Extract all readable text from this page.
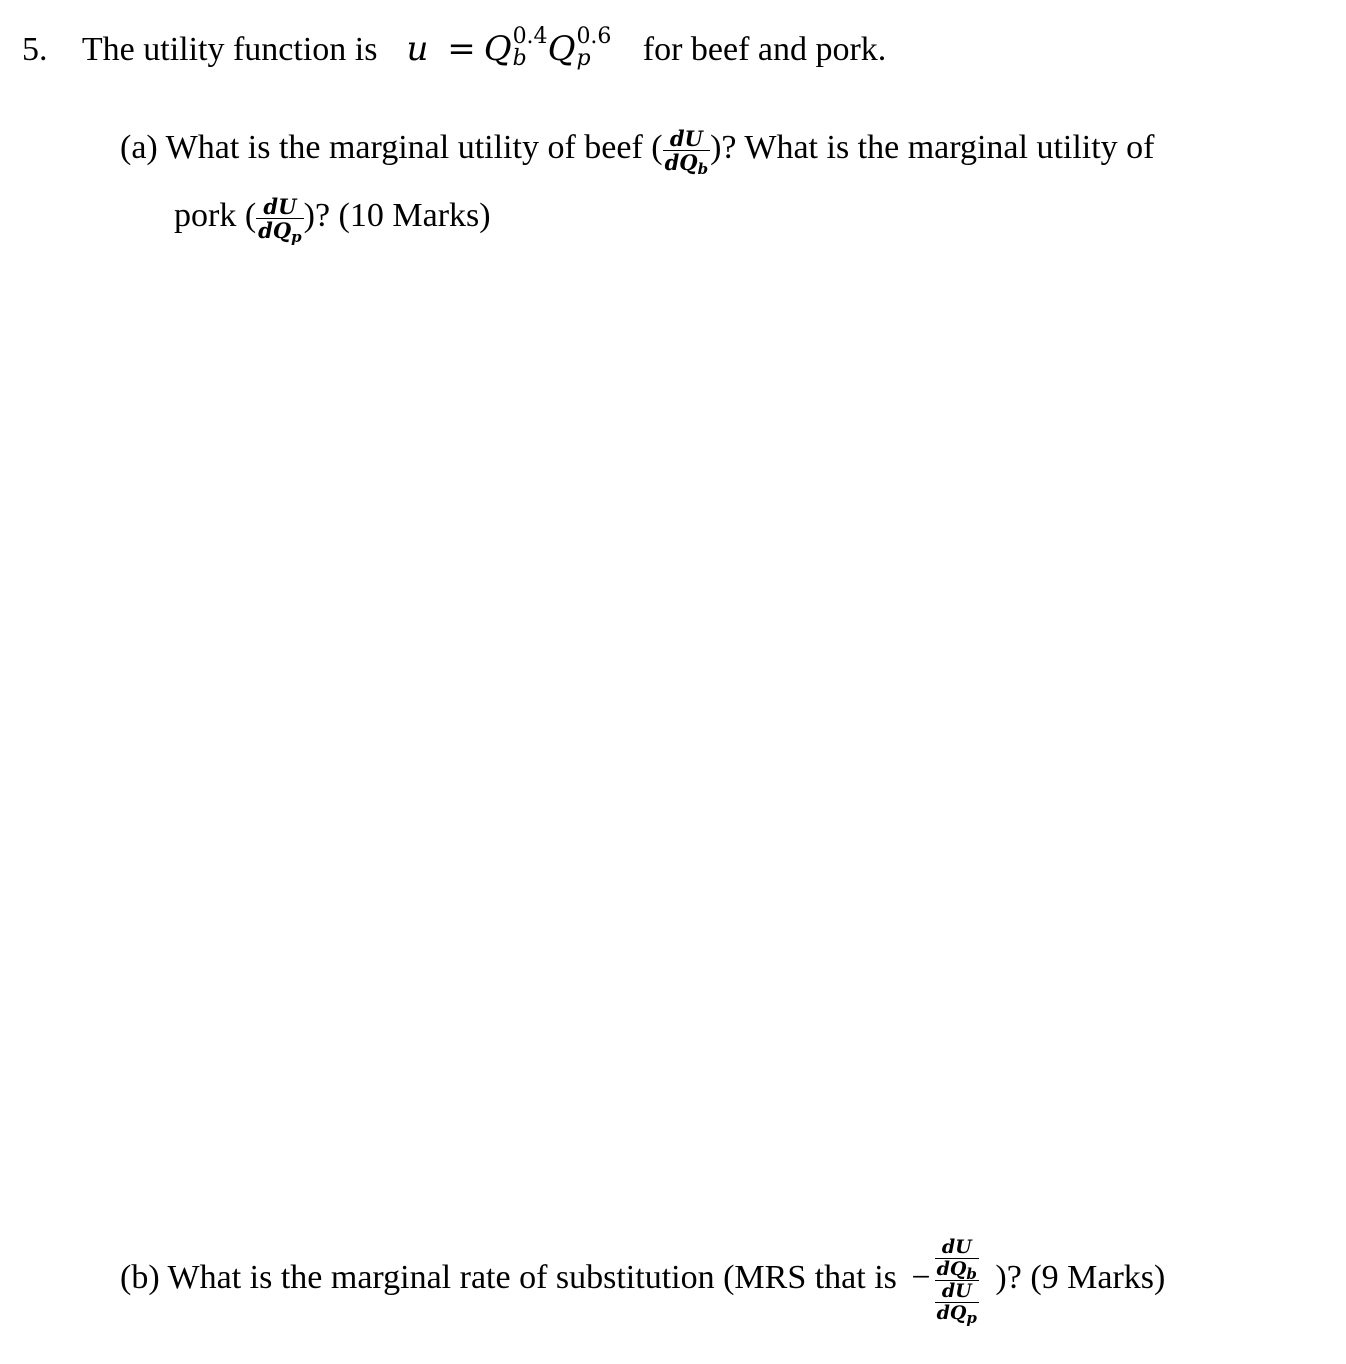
5. The utility function is u = Q 0.4
b Q 0.6
p for beef and pork.
(a) What is the marginal utility of beef ( $\frac{dU}{\text{dQb}}$ )? What is the marginal utility of
pork ( $\frac{dU}{\text{dQp}}$ )? (10 Marks)
(b) What is the marginal rate of substitution (MRS that is − $\frac{\frac{dU}{dQ_b}}{\frac{dU}{dQ_p}}$ )? (9 Marks)
